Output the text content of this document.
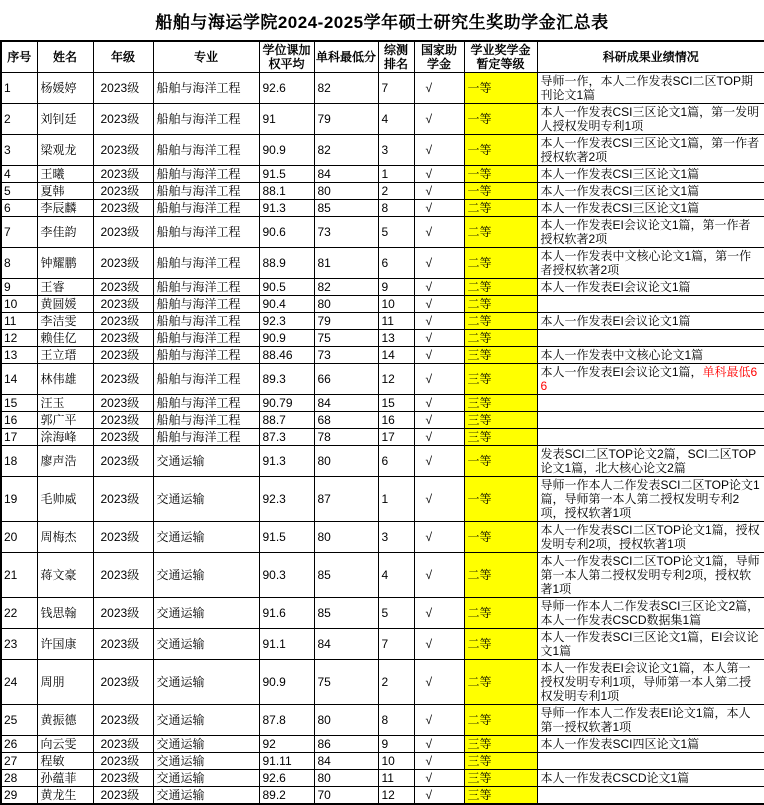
船舶与海运学院2024-2025学年硕士研究生奖助学金汇总表
序号	姓名	年级	专业	学位课加权平均	单科最低分	综测排名	国家助学金	学业奖学金暂定等级	科研成果业绩情况
1	杨媛婷	2023级	船舶与海洋工程	92.6	82	7	√	一等	导师一作，本人二作发表SCI二区TOP期刊论文1篇
2	刘钊廷	2023级	船舶与海洋工程	91	79	4	√	一等	本人一作发表CSI三区论文1篇，第一发明人授权发明专利1项
3	梁观龙	2023级	船舶与海洋工程	90.9	82	3	√	一等	本人一作发表CSI三区论文1篇，第一作者授权软著2项
4	王曦	2023级	船舶与海洋工程	91.5	84	1	√	一等	本人一作发表CSI三区论文1篇
5	夏韩	2023级	船舶与海洋工程	88.1	80	2	√	一等	本人一作发表CSI三区论文1篇
6	李辰麟	2023级	船舶与海洋工程	91.3	85	8	√	二等	本人一作发表CSI三区论文1篇
7	李佳韵	2023级	船舶与海洋工程	90.6	73	5	√	二等	本人一作发表EI会议论文1篇，第一作者授权软著2项
8	钟耀鹏	2023级	船舶与海洋工程	88.9	81	6	√	二等	本人一作发表中文核心论文1篇，第一作者授权软著2项
9	王睿	2023级	船舶与海洋工程	90.5	82	9	√	二等	本人一作发表EI会议论文1篇
10	黄圆媛	2023级	船舶与海洋工程	90.4	80	10	√	二等	
11	李洁雯	2023级	船舶与海洋工程	92.3	79	11	√	二等	本人一作发表EI会议论文1篇
12	赖佳亿	2023级	船舶与海洋工程	90.9	75	13	√	二等	
13	王立瑨	2023级	船舶与海洋工程	88.46	73	14	√	三等	本人一作发表中文核心论文1篇
14	林伟雄	2023级	船舶与海洋工程	89.3	66	12	√	三等	本人一作发表EI会议论文1篇，单科最低66
15	汪玉	2023级	船舶与海洋工程	90.79	84	15	√	三等	
16	郭广平	2023级	船舶与海洋工程	88.7	68	16	√	三等	
17	涂海峰	2023级	船舶与海洋工程	87.3	78	17	√	三等	
18	廖声浩	2023级	交通运输	91.3	80	6	√	一等	发表SCI二区TOP论文2篇，SCI二区TOP论文1篇，北大核心论文2篇
19	毛帅威	2023级	交通运输	92.3	87	1	√	一等	导师一作本人二作发表SCI二区TOP论文1篇，导师第一本人第二授权发明专利2项，授权软著1项
20	周梅杰	2023级	交通运输	91.5	80	3	√	一等	本人一作发表SCI二区TOP论文1篇，授权发明专利2项，授权软著1项
21	蒋文豪	2023级	交通运输	90.3	85	4	√	二等	本人一作发表SCI二区TOP论文1篇，导师第一本人第二授权发明专利2项，授权软著1项
22	钱思翰	2023级	交通运输	91.6	85	5	√	二等	导师一作本人二作发表SCI三区论文2篇，本人一作发表CSCD数据集1篇
23	许国康	2023级	交通运输	91.1	84	7	√	二等	本人一作发表SCI三区论文1篇，EI会议论文1篇
24	周朋	2023级	交通运输	90.9	75	2	√	二等	本人一作发表EI会议论文1篇，本人第一授权发明专利1项，导师第一本人第二授权发明专利1项
25	黄振德	2023级	交通运输	87.8	80	8	√	二等	导师一作本人二作发表EI论文1篇，本人第一授权软著1项
26	向云雯	2023级	交通运输	92	86	9	√	三等	本人一作发表SCI四区论文1篇
27	程敏	2023级	交通运输	91.11	84	10	√	三等	
28	孙蕴菲	2023级	交通运输	92.6	80	11	√	三等	本人一作发表CSCD论文1篇
29	黄龙生	2023级	交通运输	89.2	70	12	√	三等	
